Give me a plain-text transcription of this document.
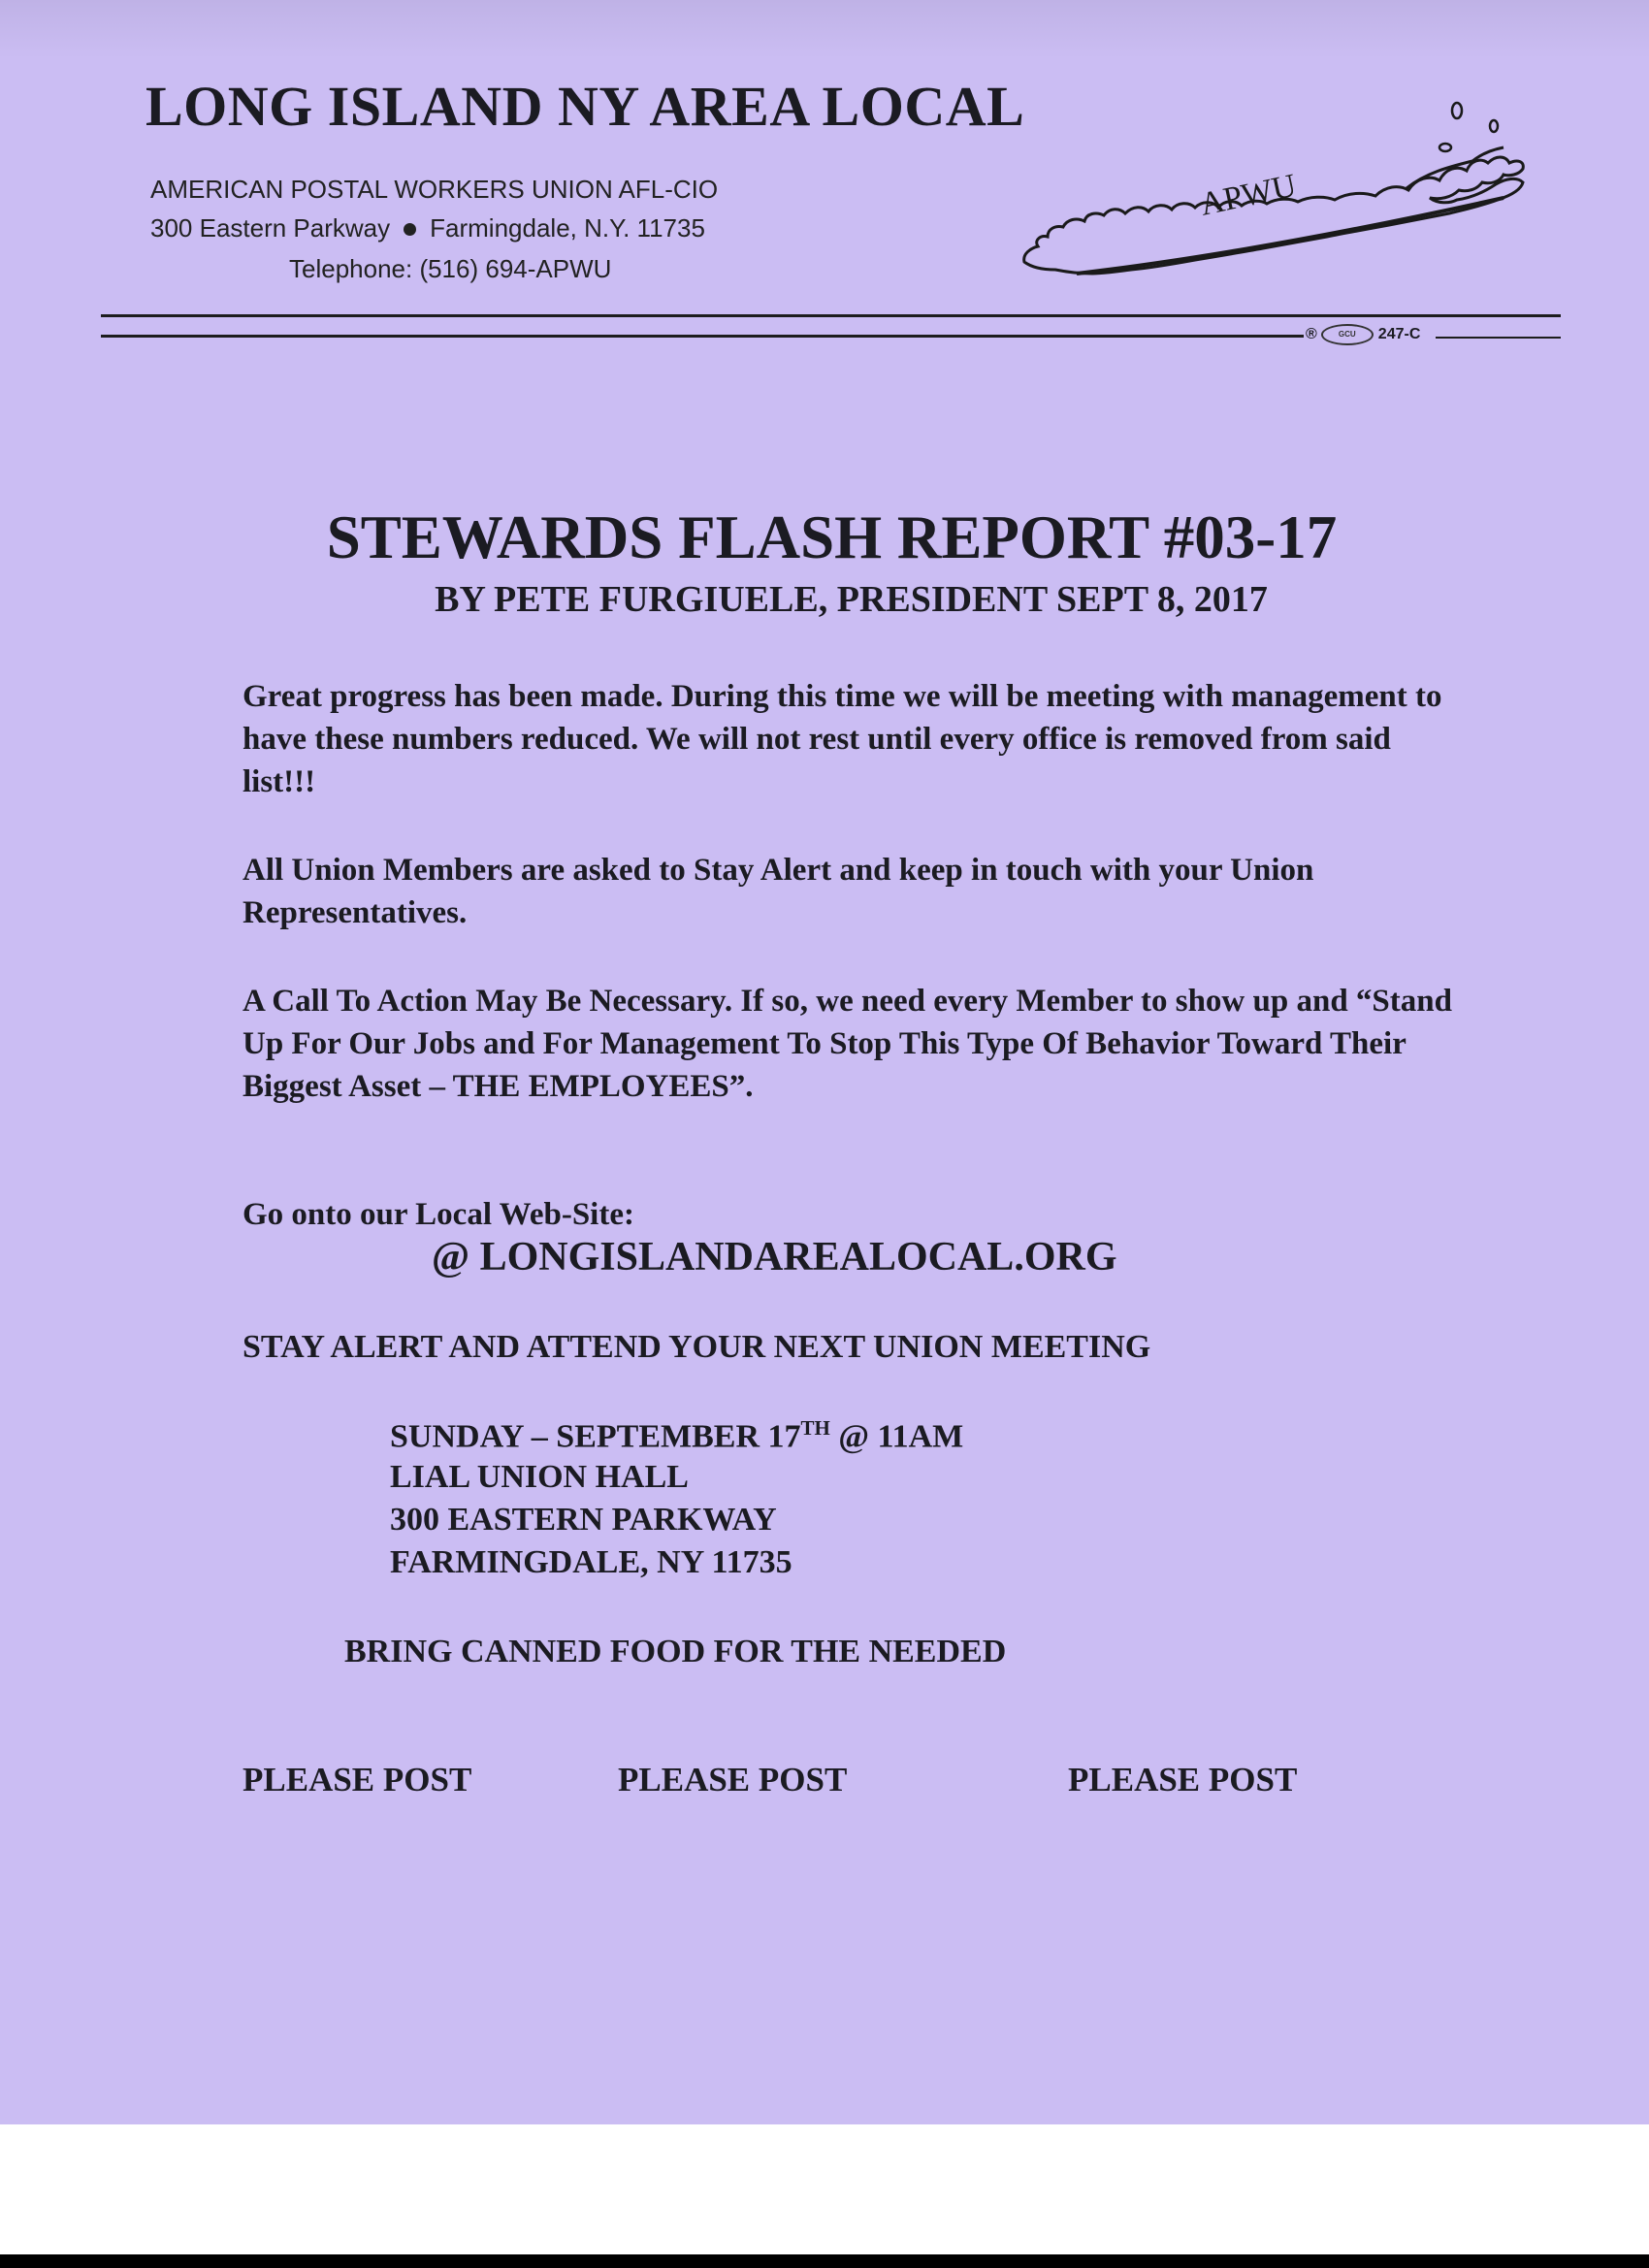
LONG ISLAND NY AREA LOCAL
AMERICAN POSTAL WORKERS UNION AFL-CIO
300 Eastern Parkway Farmingdale, N.Y. 11735
Telephone: (516) 694-APWU
APWU
®	GCU	247-C
STEWARDS FLASH REPORT #03-17
BY PETE FURGIUELE, PRESIDENT SEPT 8, 2017
Great progress has been made. During this time we will be meeting with management to have these numbers reduced. We will not rest until every office is removed from said list!!!
All Union Members are asked to Stay Alert and keep in touch with your Union Representatives.
A Call To Action May Be Necessary. If so, we need every Member to show up and “Stand Up For Our Jobs and For Management To Stop This Type Of Behavior Toward Their Biggest Asset – THE EMPLOYEES”.
Go onto our Local Web-Site:
@ LONGISLANDAREALOCAL.ORG
STAY ALERT AND ATTEND YOUR NEXT UNION MEETING
SUNDAY – SEPTEMBER 17TH @ 11AM
LIAL UNION HALL
300 EASTERN PARKWAY
FARMINGDALE, NY 11735
BRING CANNED FOOD FOR THE NEEDED
PLEASE POST	PLEASE POST	PLEASE POST
